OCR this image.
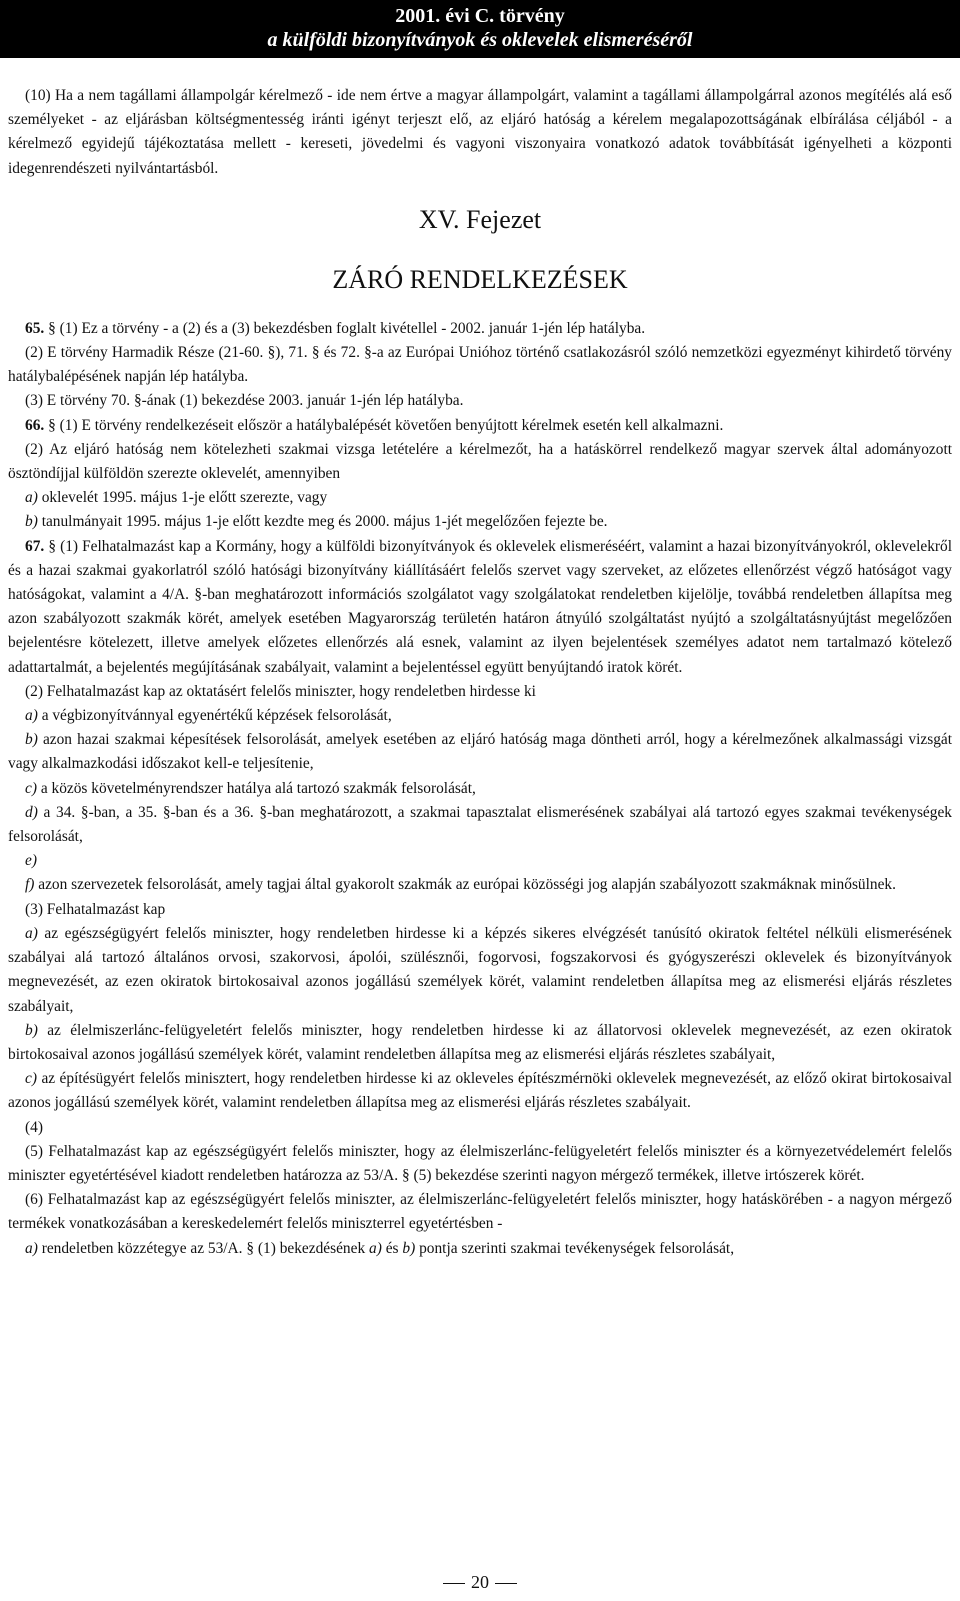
2001. évi C. törvény
a külföldi bizonyítványok és oklevelek elismeréséről

(10) Ha a nem tagállami állampolgár kérelmező - ide nem értve a magyar állampolgárt, valamint a tagállami állampolgárral azonos megítélés alá eső személyeket - az eljárásban költségmentesség iránti igényt terjeszt elő, az eljáró hatóság a kérelem megalapozottságának elbírálása céljából - a kérelmező egyidejű tájékoztatása mellett - kereseti, jövedelmi és vagyoni viszonyaira vonatkozó adatok továbbítását igényelheti a központi idegenrendészeti nyilvántartásból.

XV. Fejezet
ZÁRÓ RENDELKEZÉSEK

65. § (1) Ez a törvény - a (2) és a (3) bekezdésben foglalt kivétellel - 2002. január 1-jén lép hatályba.

(2) E törvény Harmadik Része (21-60. §), 71. § és 72. §-a az Európai Unióhoz történő csatlakozásról szóló nemzetközi egyezményt kihirdető törvény hatálybalépésének napján lép hatályba.

(3) E törvény 70. §-ának (1) bekezdése 2003. január 1-jén lép hatályba.

66. § (1) E törvény rendelkezéseit először a hatálybalépését követően benyújtott kérelmek esetén kell alkalmazni.

(2) Az eljáró hatóság nem kötelezheti szakmai vizsga letételére a kérelmezőt, ha a hatáskörrel rendelkező magyar szervek által adományozott ösztöndíjjal külföldön szerezte oklevelét, amennyiben

a) oklevelét 1995. május 1-je előtt szerezte, vagy

b) tanulmányait 1995. május 1-je előtt kezdte meg és 2000. május 1-jét megelőzően fejezte be.

67. § (1) Felhatalmazást kap a Kormány, hogy a külföldi bizonyítványok és oklevelek elismeréséért, valamint a hazai bizonyítványokról, oklevelekről és a hazai szakmai gyakorlatról szóló hatósági bizonyítvány kiállításáért felelős szervet vagy szerveket, az előzetes ellenőrzést végző hatóságot vagy hatóságokat, valamint a 4/A. §-ban meghatározott információs szolgálatot vagy szolgálatokat rendeletben kijelölje, továbbá rendeletben állapítsa meg azon szabályozott szakmák körét, amelyek esetében Magyarország területén határon átnyúló szolgáltatást nyújtó a szolgáltatásnyújtást megelőzően bejelentésre kötelezett, illetve amelyek előzetes ellenőrzés alá esnek, valamint az ilyen bejelentések személyes adatot nem tartalmazó kötelező adattartalmát, a bejelentés megújításának szabályait, valamint a bejelentéssel együtt benyújtandó iratok körét.

(2) Felhatalmazást kap az oktatásért felelős miniszter, hogy rendeletben hirdesse ki

a) a végbizonyítvánnyal egyenértékű képzések felsorolását,

b) azon hazai szakmai képesítések felsorolását, amelyek esetében az eljáró hatóság maga döntheti arról, hogy a kérelmezőnek alkalmassági vizsgát vagy alkalmazkodási időszakot kell-e teljesítenie,

c) a közös követelményrendszer hatálya alá tartozó szakmák felsorolását,

d) a 34. §-ban, a 35. §-ban és a 36. §-ban meghatározott, a szakmai tapasztalat elismerésének szabályai alá tartozó egyes szakmai tevékenységek felsorolását,

e)

f) azon szervezetek felsorolását, amely tagjai által gyakorolt szakmák az európai közösségi jog alapján szabályozott szakmáknak minősülnek.

(3) Felhatalmazást kap

a) az egészségügyért felelős miniszter, hogy rendeletben hirdesse ki a képzés sikeres elvégzését tanúsító okiratok feltétel nélküli elismerésének szabályai alá tartozó általános orvosi, szakorvosi, ápolói, szülésznői, fogorvosi, fogszakorvosi és gyógyszerészi oklevelek és bizonyítványok megnevezését, az ezen okiratok birtokosaival azonos jogállású személyek körét, valamint rendeletben állapítsa meg az elismerési eljárás részletes szabályait,

b) az élelmiszerlánc-felügyeletért felelős miniszter, hogy rendeletben hirdesse ki az állatorvosi oklevelek megnevezését, az ezen okiratok birtokosaival azonos jogállású személyek körét, valamint rendeletben állapítsa meg az elismerési eljárás részletes szabályait,

c) az építésügyért felelős minisztert, hogy rendeletben hirdesse ki az okleveles építészmérnöki oklevelek megnevezését, az előző okirat birtokosaival azonos jogállású személyek körét, valamint rendeletben állapítsa meg az elismerési eljárás részletes szabályait.

(4)

(5) Felhatalmazást kap az egészségügyért felelős miniszter, hogy az élelmiszerlánc-felügyeletért felelős miniszter és a környezetvédelemért felelős miniszter egyetértésével kiadott rendeletben határozza az 53/A. § (5) bekezdése szerinti nagyon mérgező termékek, illetve irtószerek körét.

(6) Felhatalmazást kap az egészségügyért felelős miniszter, az élelmiszerlánc-felügyeletért felelős miniszter, hogy hatáskörében - a nagyon mérgező termékek vonatkozásában a kereskedelemért felelős miniszterrel egyetértésben -

a) rendeletben közzétegye az 53/A. § (1) bekezdésének a) és b) pontja szerinti szakmai tevékenységek felsorolását,

20
